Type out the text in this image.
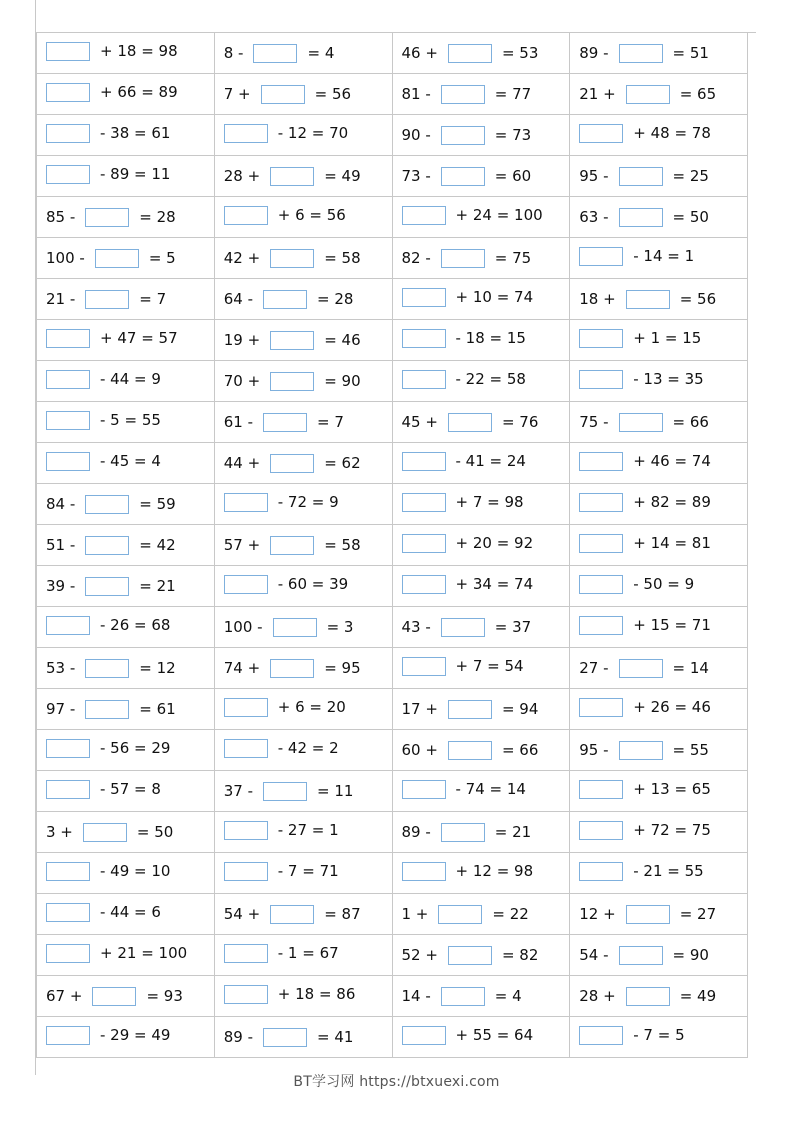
+ 18 = 98	8 - = 4	46 + = 53	89 - = 51

+ 66 = 89	7 + = 56	81 - = 77	21 + = 65

- 38 = 61	- 12 = 70	90 - = 73	+ 48 = 78

- 89 = 11	28 + = 49	73 - = 60	95 - = 25

85 - = 28	+ 6 = 56	+ 24 = 100	63 - = 50

100 - = 5	42 + = 58	82 - = 75	- 14 = 1

21 - = 7	64 - = 28	+ 10 = 74	18 + = 56

+ 47 = 57	19 + = 46	- 18 = 15	+ 1 = 15

- 44 = 9	70 + = 90	- 22 = 58	- 13 = 35

- 5 = 55	61 - = 7	45 + = 76	75 - = 66

- 45 = 4	44 + = 62	- 41 = 24	+ 46 = 74

84 - = 59	- 72 = 9	+ 7 = 98	+ 82 = 89

51 - = 42	57 + = 58	+ 20 = 92	+ 14 = 81

39 - = 21	- 60 = 39	+ 34 = 74	- 50 = 9

- 26 = 68	100 - = 3	43 - = 37	+ 15 = 71

53 - = 12	74 + = 95	+ 7 = 54	27 - = 14

97 - = 61	+ 6 = 20	17 + = 94	+ 26 = 46

- 56 = 29	- 42 = 2	60 + = 66	95 - = 55

- 57 = 8	37 - = 11	- 74 = 14	+ 13 = 65

3 + = 50	- 27 = 1	89 - = 21	+ 72 = 75

- 49 = 10	- 7 = 71	+ 12 = 98	- 21 = 55

- 44 = 6	54 + = 87	1 + = 22	12 + = 27

+ 21 = 100	- 1 = 67	52 + = 82	54 - = 90

67 + = 93	+ 18 = 86	14 - = 4	28 + = 49

- 29 = 49	89 - = 41	+ 55 = 64	- 7 = 5
BT学习网 https://btxuexi.com
